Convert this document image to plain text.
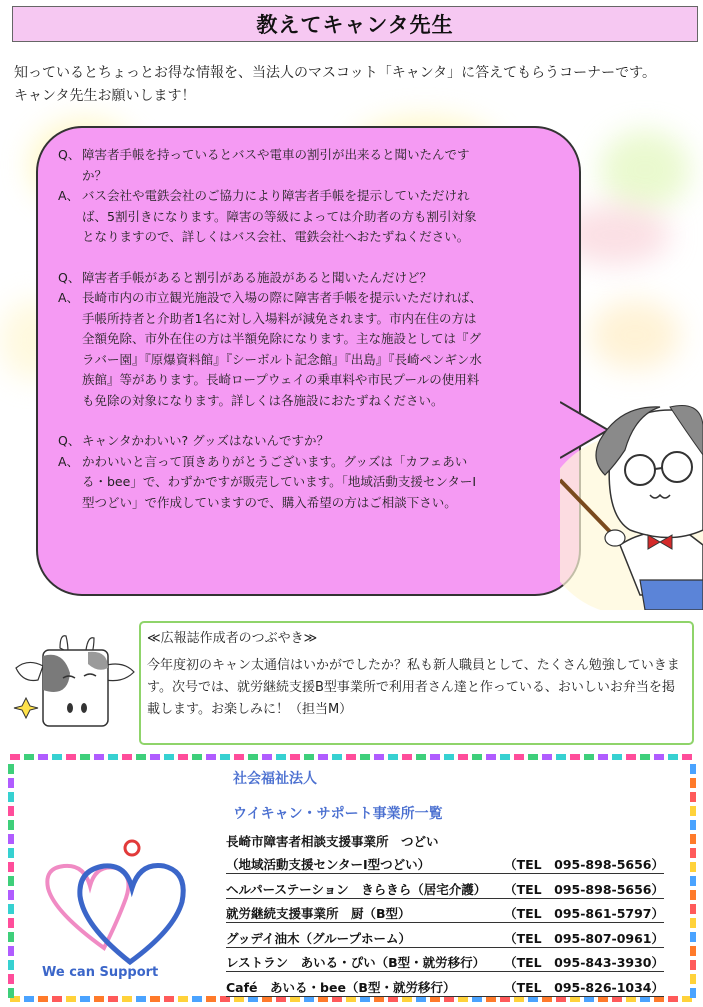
教えてキャンタ先生
知っているとちょっとお得な情報を、当法人のマスコット「キャンタ」に答えてもらうコーナーです。
キャンタ先生お願いします！
Q、 障害者手帳を持っているとバスや電車の割引が出来ると聞いたんですか？
A、 バス会社や電鉄会社のご協力により障害者手帳を提示していただければ、5割引きになります。障害の等級によっては介助者の方も割引対象となりますので、詳しくはバス会社、電鉄会社へおたずねください。
Q、 障害者手帳があると割引がある施設があると聞いたんだけど？
A、 長崎市内の市立観光施設で入場の際に障害者手帳を提示いただければ、手帳所持者と介助者1名に対し入場料が減免されます。市内在住の方は全額免除、市外在住の方は半額免除になります。主な施設としては『グラバー園』『原爆資料館』『シーボルト記念館』『出島』『長崎ペンギン水族館』等があります。長崎ロープウェイの乗車料や市民プールの使用料も免除の対象になります。詳しくは各施設におたずねください。
Q、 キャンタかわいい? グッズはないんですか？
A、 かわいいと言って頂きありがとうございます。グッズは「カフェあいる・bee」で、わずかですが販売しています。「地域活動支援センターⅠ型つどい」で作成していますので、購入希望の方はご相談下さい。
≪広報誌作成者のつぶやき≫
今年度初のキャン太通信はいかがでしたか？私も新人職員として、たくさん勉強していきます。次号では、就労継続支援B型事業所で利用者さん達と作っている、おいしいお弁当を掲載します。お楽しみに！（担当M）
社会福祉法人
ウイキャン・サポート事業所一覧
長崎市障害者相談支援事業所　つどい
（地域活動支援センターⅠ型つどい）	（TEL　095-898-5656）
ヘルパーステーション　きらきら（居宅介護）	（TEL　095-898-5656）
就労継続支援事業所　厨（B型）	（TEL　095-861-5797）
グッデイ油木（グループホーム）	（TEL　095-807-0961）
レストラン　あいる・ぴい（B型・就労移行）	（TEL　095-843-3930）
Café　あいる・bee（B型・就労移行）	（TEL　095-826-1034）
We can Support
